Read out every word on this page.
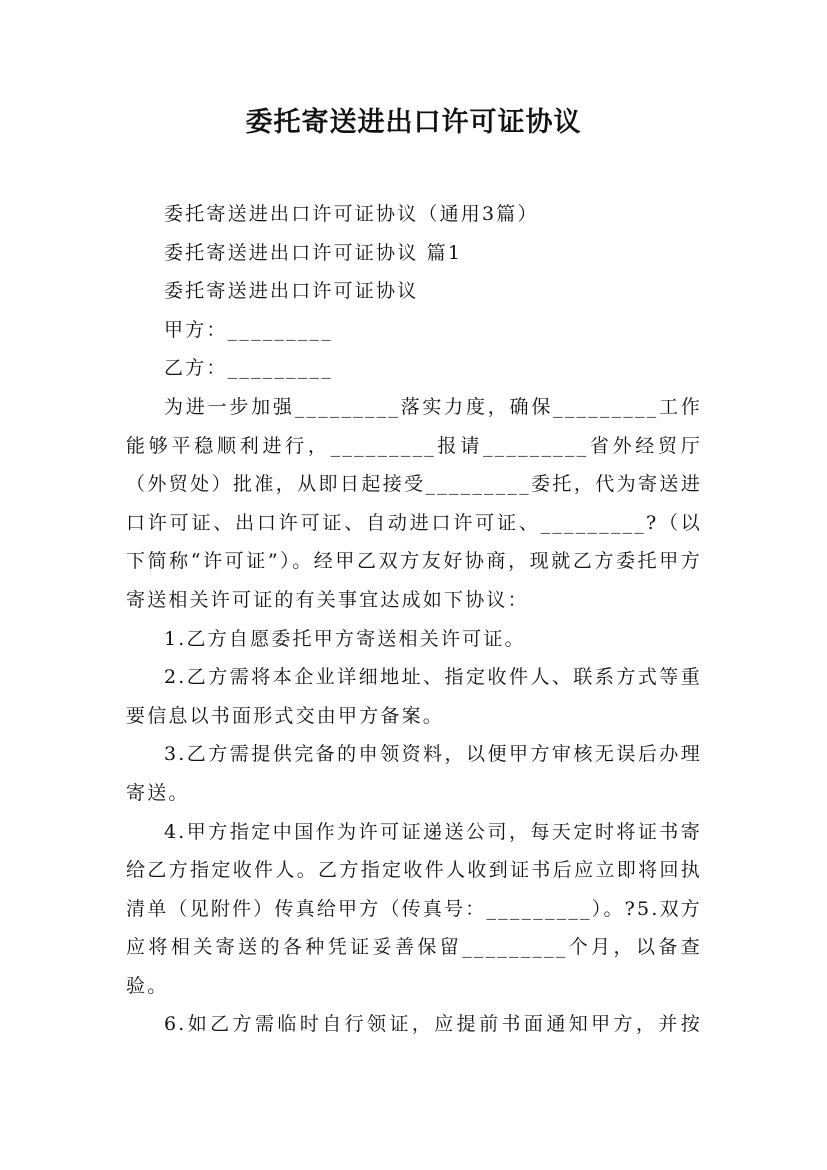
委托寄送进出口许可证协议

委托寄送进出口许可证协议（通用3篇）

委托寄送进出口许可证协议 篇1

委托寄送进出口许可证协议

甲方：_________

乙方：_________

为进一步加强_________落实力度，确保_________工作能够平稳顺利进行，_________报请_________省外经贸厅（外贸处）批准，从即日起接受_________委托，代为寄送进口许可证、出口许可证、自动进口许可证、_________?（以下简称“许可证”）。经甲乙双方友好协商，现就乙方委托甲方寄送相关许可证的有关事宜达成如下协议：

1.乙方自愿委托甲方寄送相关许可证。

2.乙方需将本企业详细地址、指定收件人、联系方式等重要信息以书面形式交由甲方备案。

3.乙方需提供完备的申领资料，以便甲方审核无误后办理寄送。

4.甲方指定中国作为许可证递送公司，每天定时将证书寄给乙方指定收件人。乙方指定收件人收到证书后应立即将回执清单（见附件）传真给甲方（传真号：_________）。?5.双方应将相关寄送的各种凭证妥善保留_________个月，以备查验。

6.如乙方需临时自行领证，应提前书面通知甲方，并按
